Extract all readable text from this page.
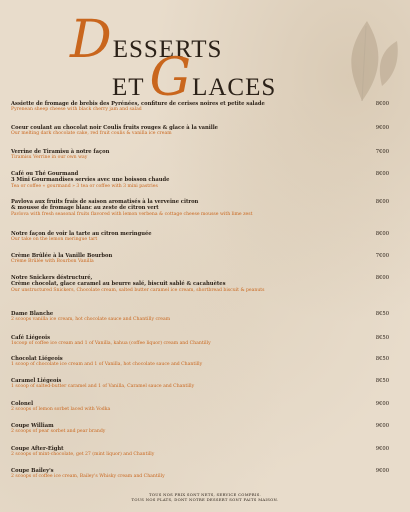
DESSERTS
ET GLACES
Assiette de fromage de brebis des Pyrénées, confiture de cerises noires et petite salade
Pyrenean sheep cheese with black cherry jam and salad
8€00
Coeur coulant au chocolat noir Coulis fruits rouges & glace à la vanille
Our melting dark chocolate cake, red fruit coulis & vanilla ice cream
9€00
Verrine de Tiramisu à notre façon
Tiramisu Verrine in our own way
7€00
Café ou Thé Gourmand
3 Mini Gourmandises servies avec une boisson chaude
Tea or coffee « gourmand » 3 tea or coffee with 3 mini pastries
8€00
Pavlova aux fruits frais de saison aromatisés à la verveine citron
& mousse de fromage blanc au zeste de citron vert
Pavlova with fresh seasonal fruits flavored with lemon verbena & cottage cheese mousse with lime zest
8€00
Notre façon de voir la tarte au citron meringuée
Our take on the lemon meringue tart
8€00
Crème Brûlée à la Vanille Bourbon
Crème Brûlée with Bourbon Vanilla
7€00
Notre Snickers déstructuré,
Crème chocolat, glace caramel au beurre salé, biscuit sablé & cacahuètes
Our unstructured Snickers, Chocolate cream, salted butter caramel ice cream, shortbread biscuit & peanuts
8€00
Dame Blanche
2 scoops vanilla ice cream, hot chocolate sauce and Chantilly cream
8€50
Café Liégeois
1scoop of coffee ice cream and 1 of Vanilla, kahua (coffee liquor) cream and Chantilly
8€50
Chocolat Liégeois
1 scoop of chocolate ice cream and 1 of Vanilla, hot chocolate sauce and Chantilly
8€50
Caramel Liégeois
1 scoop of salted-butter caramel and 1 of Vanilla, Caramel sauce and Chantilly
8€50
Colonel
2 scoops of lemon sorbet laced with Vodka
9€00
Coupe William
2 scoops of pear sorbet and pear brandy
9€00
Coupe After-Eight
2 scoops of mint-chocolate, get 27 (mint liquor) and Chantilly
9€00
Coupe Bailey's
2 scoops of coffee ice cream, Bailey's Whisky cream and Chantilly
9€00
TOUS NOS PRIX SONT NETS, SERVICE COMPRIS.
TOUS NOS PLATS, DONT NOTRE DESSERT SONT FAITS MAISON.
